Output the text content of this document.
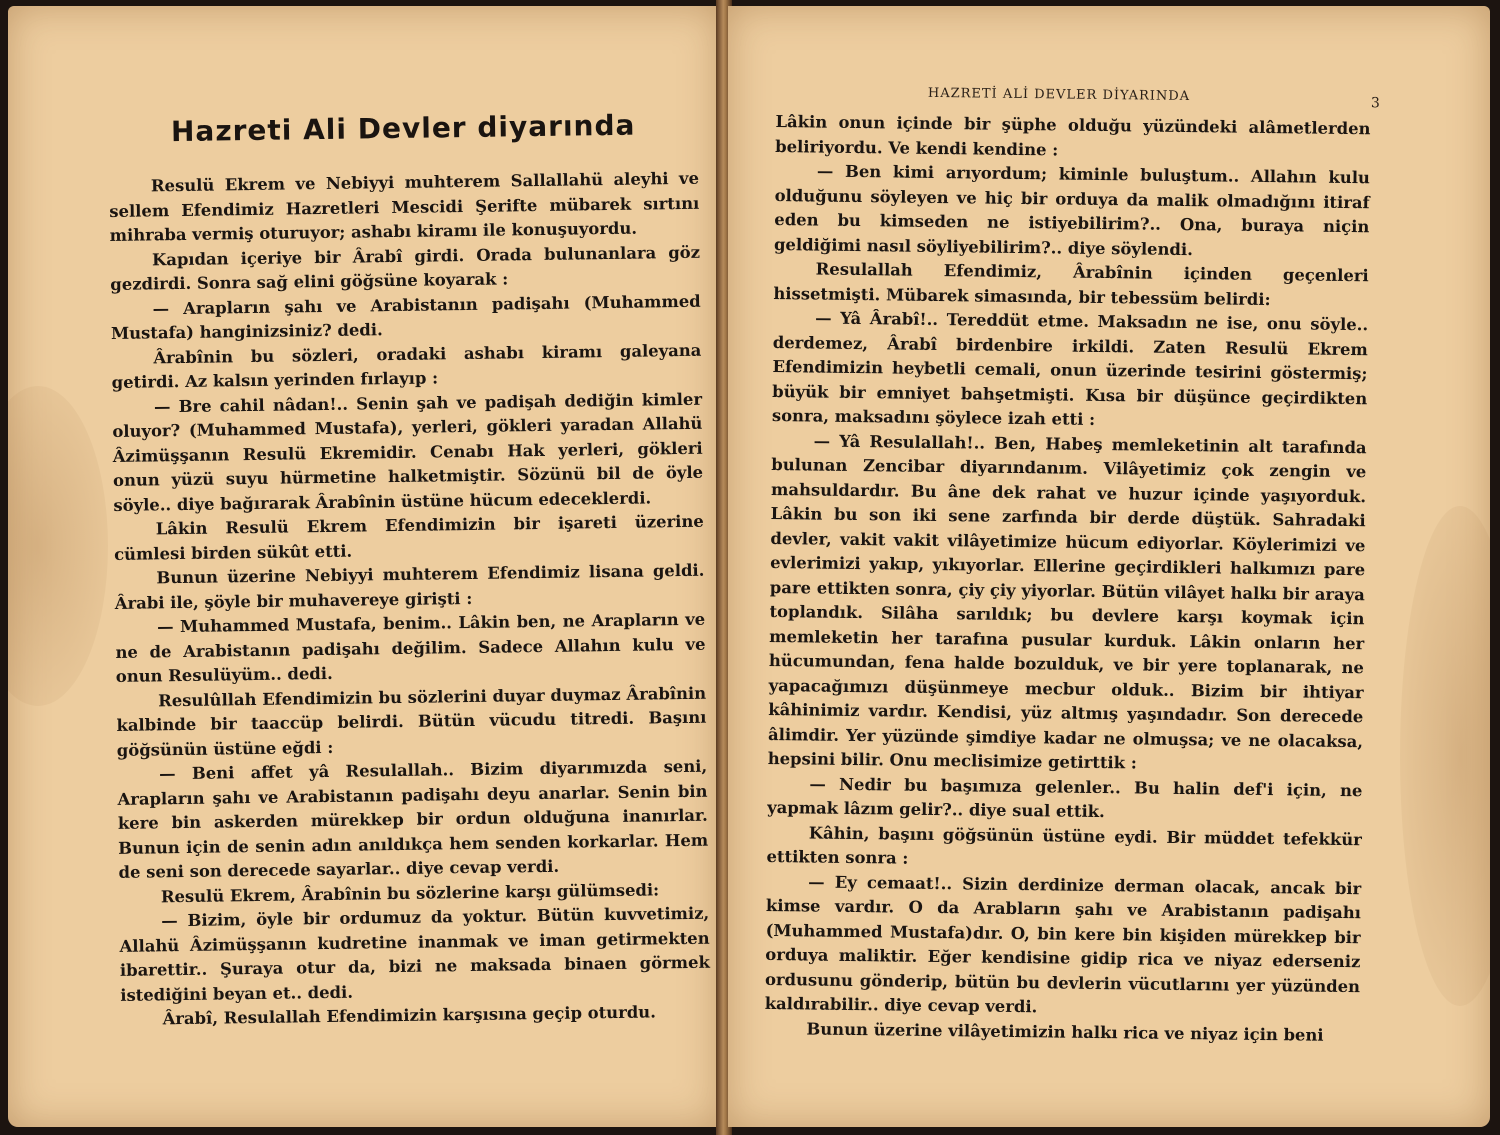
Hazreti Ali Devler diyarında

Resulü Ekrem ve Nebiyyi muhterem Sallallahü aleyhi ve sellem Efendimiz Hazretleri Mescidi Şerifte mübarek sırtını mihraba vermiş oturuyor; ashabı kiramı ile konuşuyordu.

Kapıdan içeriye bir Ârabî girdi. Orada bulunanlara göz gezdirdi. Sonra sağ elini göğsüne koyarak :

— Arapların şahı ve Arabistanın padişahı (Muhammed Mustafa) hanginizsiniz? dedi.

Ârabînin bu sözleri, oradaki ashabı kiramı galeyana getirdi. Az kalsın yerinden fırlayıp :

— Bre cahil nâdan!.. Senin şah ve padişah dediğin kimler oluyor? (Muhammed Mustafa), yerleri, gökleri yaradan Allahü Âzimüşşanın Resulü Ekremidir. Cenabı Hak yerleri, gökleri onun yüzü suyu hürmetine halketmiştir. Sözünü bil de öyle söyle.. diye bağırarak Ârabînin üstüne hücum edeceklerdi.

Lâkin Resulü Ekrem Efendimizin bir işareti üzerine cümlesi birden sükût etti.

Bunun üzerine Nebiyyi muhterem Efendimiz lisana geldi. Ârabi ile, şöyle bir muhavereye girişti :

— Muhammed Mustafa, benim.. Lâkin ben, ne Arapların ve ne de Arabistanın padişahı değilim. Sadece Allahın kulu ve onun Resulüyüm.. dedi.

Resulûllah Efendimizin bu sözlerini duyar duymaz Ârabînin kalbinde bir taaccüp belirdi. Bütün vücudu titredi. Başını göğsünün üstüne eğdi :

— Beni affet yâ Resulallah.. Bizim diyarımızda seni, Arapların şahı ve Arabistanın padişahı deyu anarlar. Senin bin kere bin askerden mürekkep bir ordun olduğuna inanırlar. Bunun için de senin adın anıldıkça hem senden korkarlar. Hem de seni son derecede sayarlar.. diye cevap verdi.

Resulü Ekrem, Ârabînin bu sözlerine karşı gülümsedi:

— Bizim, öyle bir ordumuz da yoktur. Bütün kuvvetimiz, Allahü Âzimüşşanın kudretine inanmak ve iman getirmekten ibarettir.. Şuraya otur da, bizi ne maksada binaen görmek istediğini beyan et.. dedi.

Ârabî, Resulallah Efendimizin karşısına geçip oturdu.

HAZRETİ ALİ DEVLER DİYARINDA	3

Lâkin onun içinde bir şüphe olduğu yüzündeki alâmetlerden beliriyordu. Ve kendi kendine :

— Ben kimi arıyordum; kiminle buluştum.. Allahın kulu olduğunu söyleyen ve hiç bir orduya da malik olmadığını itiraf eden bu kimseden ne istiyebilirim?.. Ona, buraya niçin geldiğimi nasıl söyliyebilirim?.. diye söylendi.

Resulallah Efendimiz, Ârabînin içinden geçenleri hissetmişti. Mübarek simasında, bir tebessüm belirdi:

— Yâ Ârabî!.. Tereddüt etme. Maksadın ne ise, onu söyle.. derdemez, Ârabî birdenbire irkildi. Zaten Resulü Ekrem Efendimizin heybetli cemali, onun üzerinde tesirini göstermiş; büyük bir emniyet bahşetmişti. Kısa bir düşünce geçirdikten sonra, maksadını şöylece izah etti :

— Yâ Resulallah!.. Ben, Habeş memleketinin alt tarafında bulunan Zencibar diyarındanım. Vilâyetimiz çok zengin ve mahsuldardır. Bu âne dek rahat ve huzur içinde yaşıyorduk. Lâkin bu son iki sene zarfında bir derde düştük. Sahradaki devler, vakit vakit vilâyetimize hücum ediyorlar. Köylerimizi ve evlerimizi yakıp, yıkıyorlar. Ellerine geçirdikleri halkımızı pare pare ettikten sonra, çiy çiy yiyorlar. Bütün vilâyet halkı bir araya toplandık. Silâha sarıldık; bu devlere karşı koymak için memleketin her tarafına pusular kurduk. Lâkin onların her hücumundan, fena halde bozulduk, ve bir yere toplanarak, ne yapacağımızı düşünmeye mecbur olduk.. Bizim bir ihtiyar kâhinimiz vardır. Kendisi, yüz altmış yaşındadır. Son derecede âlimdir. Yer yüzünde şimdiye kadar ne olmuşsa; ve ne olacaksa, hepsini bilir. Onu meclisimize getirttik :

— Nedir bu başımıza gelenler.. Bu halin def'i için, ne yapmak lâzım gelir?.. diye sual ettik.

Kâhin, başını göğsünün üstüne eydi. Bir müddet tefekkür ettikten sonra :

— Ey cemaat!.. Sizin derdinize derman olacak, ancak bir kimse vardır. O da Arabların şahı ve Arabistanın padişahı (Muhammed Mustafa)dır. O, bin kere bin kişiden mürekkep bir orduya maliktir. Eğer kendisine gidip rica ve niyaz ederseniz ordusunu gönderip, bütün bu devlerin vücutlarını yer yüzünden kaldırabilir.. diye cevap verdi.

Bunun üzerine vilâyetimizin halkı rica ve niyaz için beni
